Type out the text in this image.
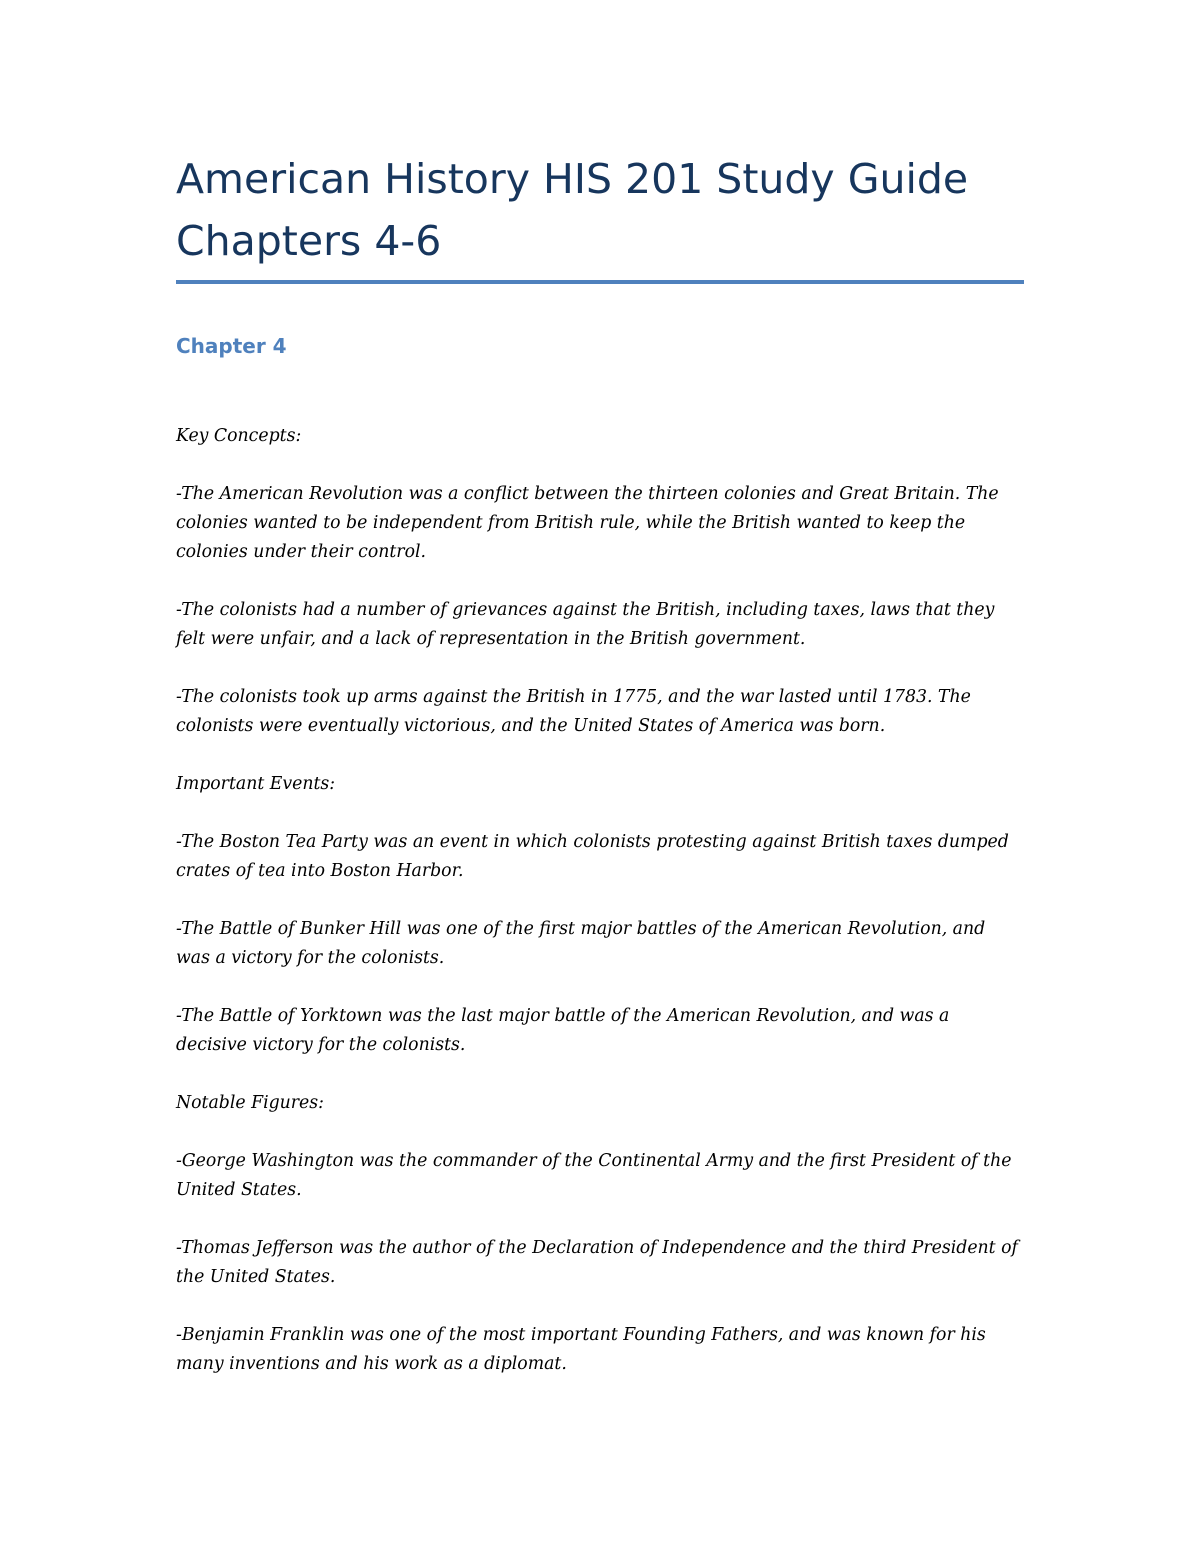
American History HIS 201 Study Guide
Chapters 4-6
Chapter 4

Key Concepts:

-The American Revolution was a conflict between the thirteen colonies and Great Britain. The colonies wanted to be independent from British rule, while the British wanted to keep the colonies under their control.

-The colonists had a number of grievances against the British, including taxes, laws that they felt were unfair, and a lack of representation in the British government.

-The colonists took up arms against the British in 1775, and the war lasted until 1783. The colonists were eventually victorious, and the United States of America was born.

Important Events:

-The Boston Tea Party was an event in which colonists protesting against British taxes dumped crates of tea into Boston Harbor.

-The Battle of Bunker Hill was one of the first major battles of the American Revolution, and was a victory for the colonists.

-The Battle of Yorktown was the last major battle of the American Revolution, and was a decisive victory for the colonists.

Notable Figures:

-George Washington was the commander of the Continental Army and the first President of the United States.

-Thomas Jefferson was the author of the Declaration of Independence and the third President of the United States.

-Benjamin Franklin was one of the most important Founding Fathers, and was known for his many inventions and his work as a diplomat.
